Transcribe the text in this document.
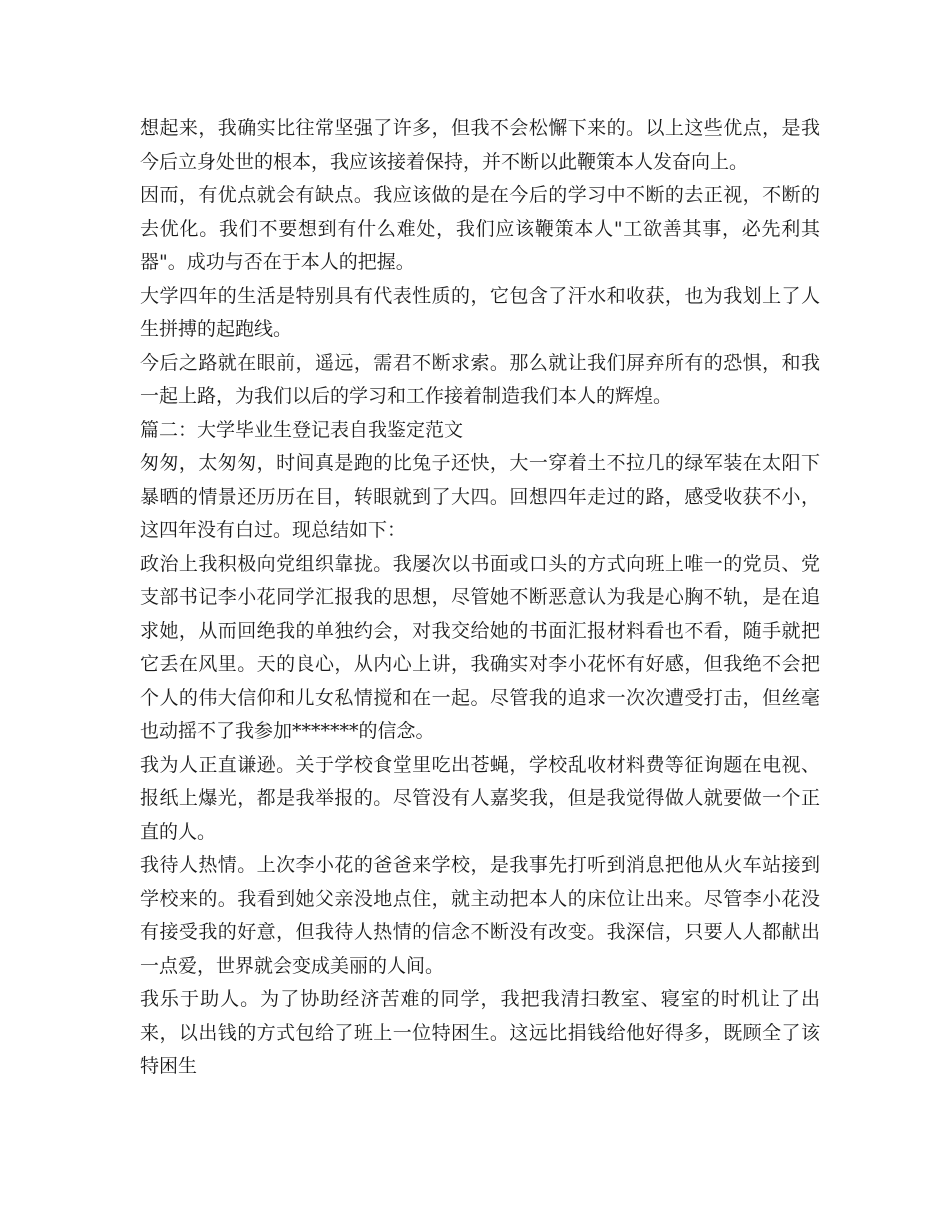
想起来，我确实比往常坚强了许多，但我不会松懈下来的。以上这些优点，是我今后立身处世的根本，我应该接着保持，并不断以此鞭策本人发奋向上。

因而，有优点就会有缺点。我应该做的是在今后的学习中不断的去正视，不断的去优化。我们不要想到有什么难处，我们应该鞭策本人"工欲善其事，必先利其器"。成功与否在于本人的把握。

大学四年的生活是特别具有代表性质的，它包含了汗水和收获，也为我划上了人生拼搏的起跑线。

今后之路就在眼前，遥远，需君不断求索。那么就让我们屏弃所有的恐惧，和我一起上路，为我们以后的学习和工作接着制造我们本人的辉煌。

篇二：大学毕业生登记表自我鉴定范文

匆匆，太匆匆，时间真是跑的比兔子还快，大一穿着土不拉几的绿军装在太阳下暴晒的情景还历历在目，转眼就到了大四。回想四年走过的路，感受收获不小，这四年没有白过。现总结如下：

政治上我积极向党组织靠拢。我屡次以书面或口头的方式向班上唯一的党员、党支部书记李小花同学汇报我的思想，尽管她不断恶意认为我是心胸不轨，是在追求她，从而回绝我的单独约会，对我交给她的书面汇报材料看也不看，随手就把它丢在风里。天的良心，从内心上讲，我确实对李小花怀有好感，但我绝不会把个人的伟大信仰和儿女私情搅和在一起。尽管我的追求一次次遭受打击，但丝毫也动摇不了我参加*******的信念。

我为人正直谦逊。关于学校食堂里吃出苍蝇，学校乱收材料费等征询题在电视、报纸上爆光，都是我举报的。尽管没有人嘉奖我，但是我觉得做人就要做一个正直的人。

我待人热情。上次李小花的爸爸来学校，是我事先打听到消息把他从火车站接到学校来的。我看到她父亲没地点住，就主动把本人的床位让出来。尽管李小花没有接受我的好意，但我待人热情的信念不断没有改变。我深信，只要人人都献出一点爱，世界就会变成美丽的人间。

我乐于助人。为了协助经济苦难的同学，我把我清扫教室、寝室的时机让了出来，以出钱的方式包给了班上一位特困生。这远比捐钱给他好得多，既顾全了该特困生
